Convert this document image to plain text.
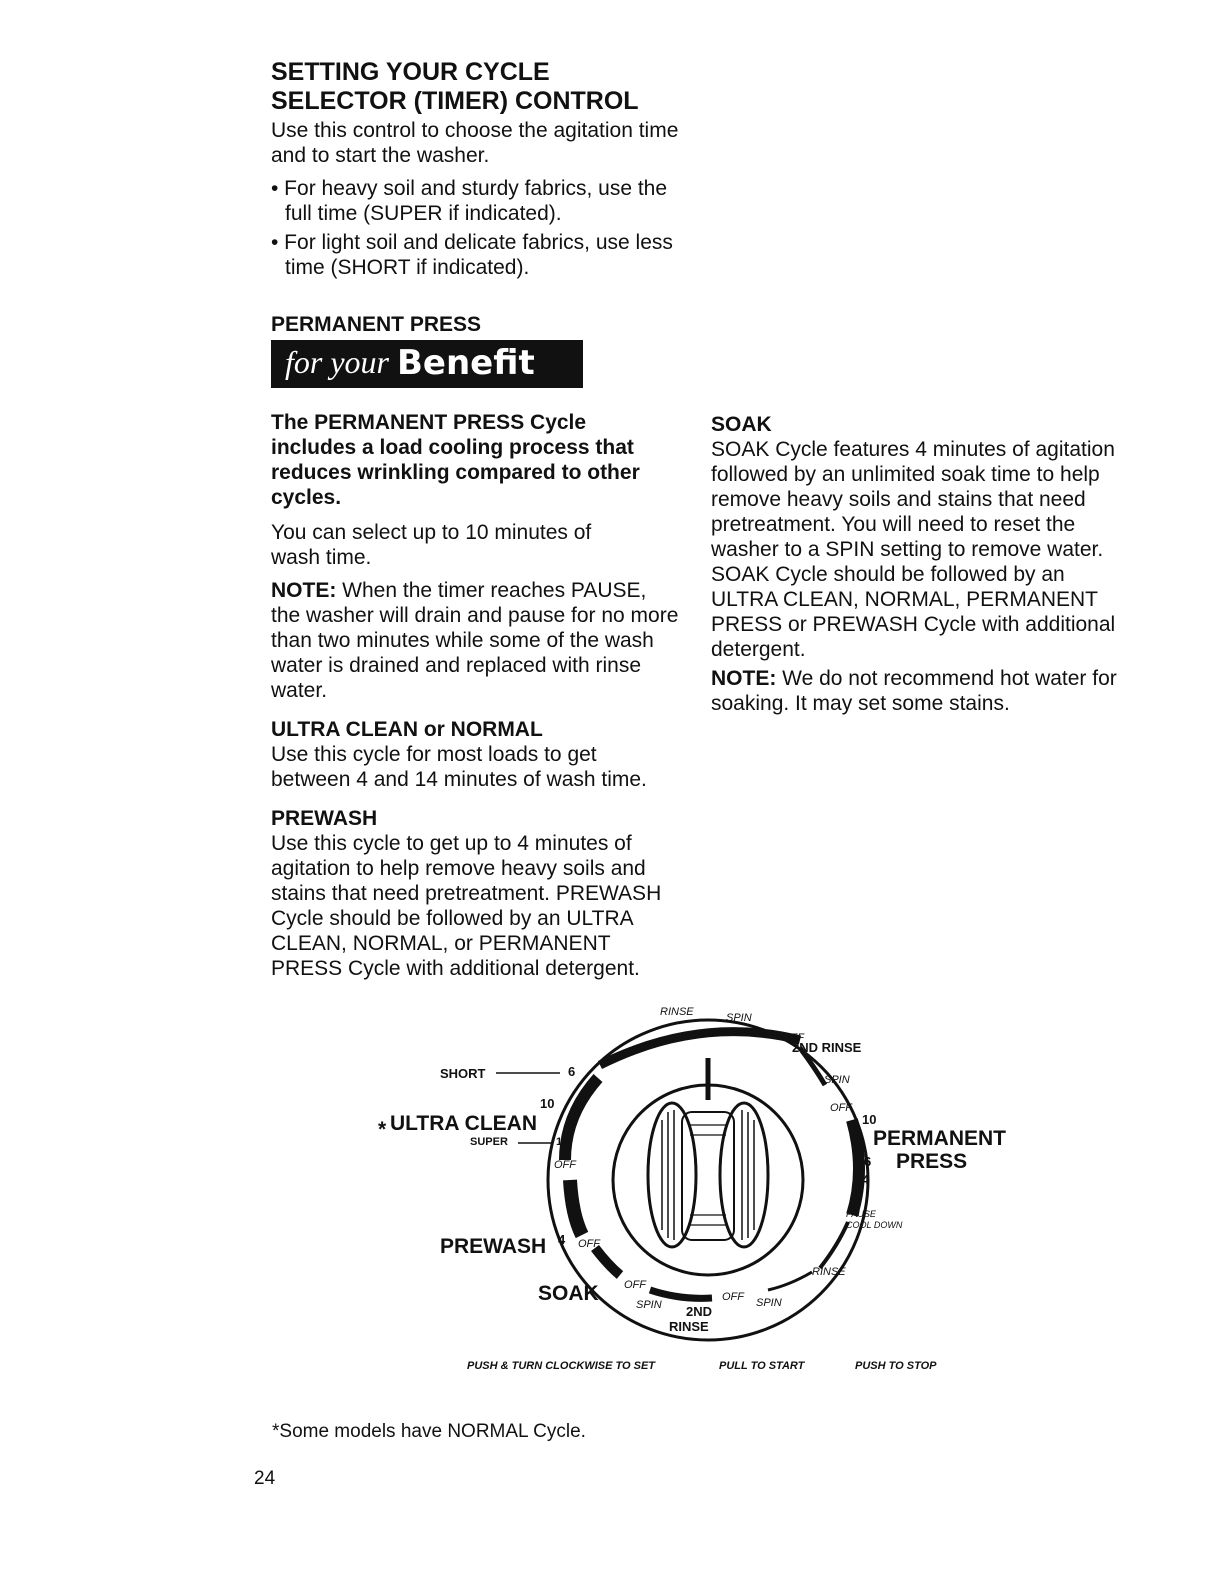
SETTING YOUR CYCLE
SELECTOR (TIMER) CONTROL

Use this control to choose the agitation time and to start the washer.

• For heavy soil and sturdy fabrics, use the full time (SUPER if indicated).

• For light soil and delicate fabrics, use less time (SHORT if indicated).

PERMANENT PRESS
for your Benefit

The PERMANENT PRESS Cycle includes a load cooling process that reduces wrinkling compared to other cycles.

You can select up to 10 minutes of wash time.

NOTE: When the timer reaches PAUSE, the washer will drain and pause for no more than two minutes while some of the wash water is drained and replaced with rinse water.

ULTRA CLEAN or NORMAL

Use this cycle for most loads to get between 4 and 14 minutes of wash time.

PREWASH

Use this cycle to get up to 4 minutes of agitation to help remove heavy soils and stains that need pretreatment. PREWASH Cycle should be followed by an ULTRA CLEAN, NORMAL, or PERMANENT PRESS Cycle with additional detergent.

SOAK

SOAK Cycle features 4 minutes of agitation followed by an unlimited soak time to help remove heavy soils and stains that need pretreatment. You will need to reset the washer to a SPIN setting to remove water. SOAK Cycle should be followed by an ULTRA CLEAN, NORMAL, PERMANENT PRESS or PREWASH Cycle with additional detergent.

NOTE: We do not recommend hot water for soaking. It may set some stains.

RINSE	SPIN
OFF
2ND RINSE
SPIN
OFF
10
PERMANENT
PRESS
6
4
PAUSE
COOL DOWN
RINSE
OFF SPIN
2ND
RINSE
SPIN
OFF
SOAK
PREWASH 4 OFF
OFF
SHORT	6
10
* ULTRA CLEAN
SUPER	14
PUSH & TURN CLOCKWISE TO SET	PULL TO START	PUSH TO STOP
*Some models have NORMAL Cycle.
24
